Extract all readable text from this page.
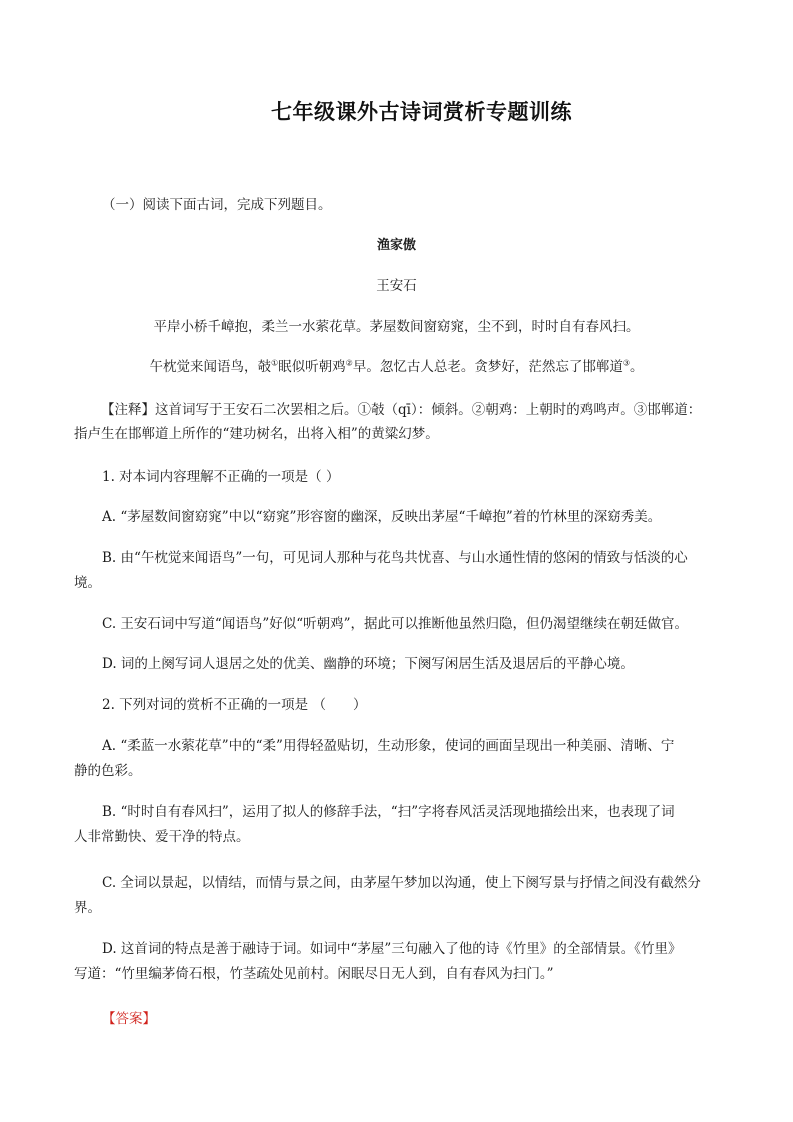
七年级课外古诗词赏析专题训练
（一）阅读下面古词，完成下列题目。
渔家傲
王安石
平岸小桥千嶂抱，柔兰一水萦花草。茅屋数间窗窈窕，尘不到，时时自有春风扫。
午枕觉来闻语鸟，攲①眠似听朝鸡②早。忽忆古人总老。贪梦好，茫然忘了邯郸道③。
【注释】这首词写于王安石二次罢相之后。①攲（qī）：倾斜。②朝鸡：上朝时的鸡鸣声。③邯郸道：
指卢生在邯郸道上所作的“建功树名，出将入相”的黄粱幻梦。
1. 对本词内容理解不正确的一项是（ ）
A. “茅屋数间窗窈窕”中以“窈窕”形容窗的幽深，反映出茅屋“千嶂抱”着的竹林里的深窈秀美。
B. 由“午枕觉来闻语鸟”一句，可见词人那种与花鸟共忧喜、与山水通性情的悠闲的情致与恬淡的心
境。
C. 王安石词中写道“闻语鸟”好似“听朝鸡”，据此可以推断他虽然归隐，但仍渴望继续在朝廷做官。
D. 词的上阕写词人退居之处的优美、幽静的环境；下阕写闲居生活及退居后的平静心境。
2. 下列对词的赏析不正确的一项是 （　　）
A. “柔蓝一水萦花草”中的“柔”用得轻盈贴切，生动形象，使词的画面呈现出一种美丽、清晰、宁
静的色彩。
B. “时时自有春风扫”，运用了拟人的修辞手法，“扫”字将春风活灵活现地描绘出来，也表现了词
人非常勤快、爱干净的特点。
C. 全词以景起，以情结，而情与景之间，由茅屋午梦加以沟通，使上下阕写景与抒情之间没有截然分
界。
D. 这首词的特点是善于融诗于词。如词中“茅屋”三句融入了他的诗《竹里》的全部情景。《竹里》
写道：“竹里编茅倚石根，竹茎疏处见前村。闲眠尽日无人到，自有春风为扫门。”
【答案】
